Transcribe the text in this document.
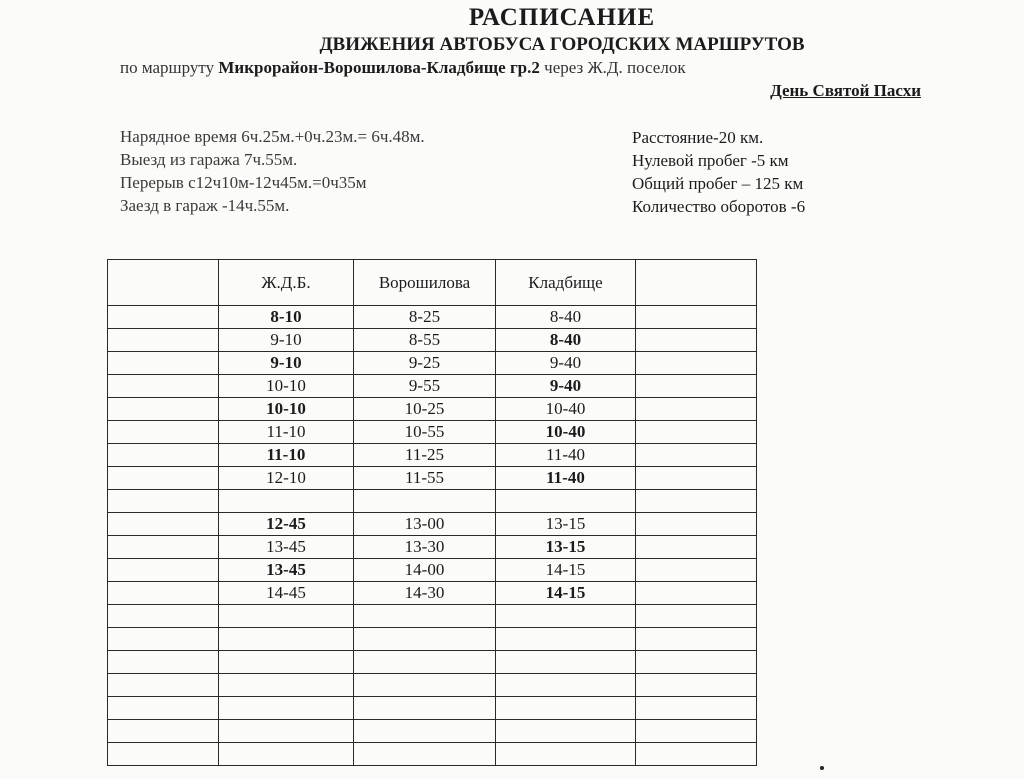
РАСПИСАНИЕ
ДВИЖЕНИЯ АВТОБУСА ГОРОДСКИХ МАРШРУТОВ
по маршруту Микрорайон-Ворошилова-Кладбище гр.2 через Ж.Д. поселок
День Святой Пасхи
Нарядное время 6ч.25м.+0ч.23м.= 6ч.48м.
Выезд из гаража 7ч.55м.
Перерыв с12ч10м-12ч45м.=0ч35м
Заезд в гараж -14ч.55м.
Расстояние-20 км.
Нулевой пробег -5 км
Общий пробег – 125 км
Количество оборотов -6
	Ж.Д.Б.	Ворошилова	Кладбище	
	8-10	8-25	8-40	
	9-10	8-55	8-40	
	9-10	9-25	9-40	
	10-10	9-55	9-40	
	10-10	10-25	10-40	
	11-10	10-55	10-40	
	11-10	11-25	11-40	
	12-10	11-55	11-40	

	12-45	13-00	13-15	
	13-45	13-30	13-15	
	13-45	14-00	14-15	
	14-45	14-30	14-15	
